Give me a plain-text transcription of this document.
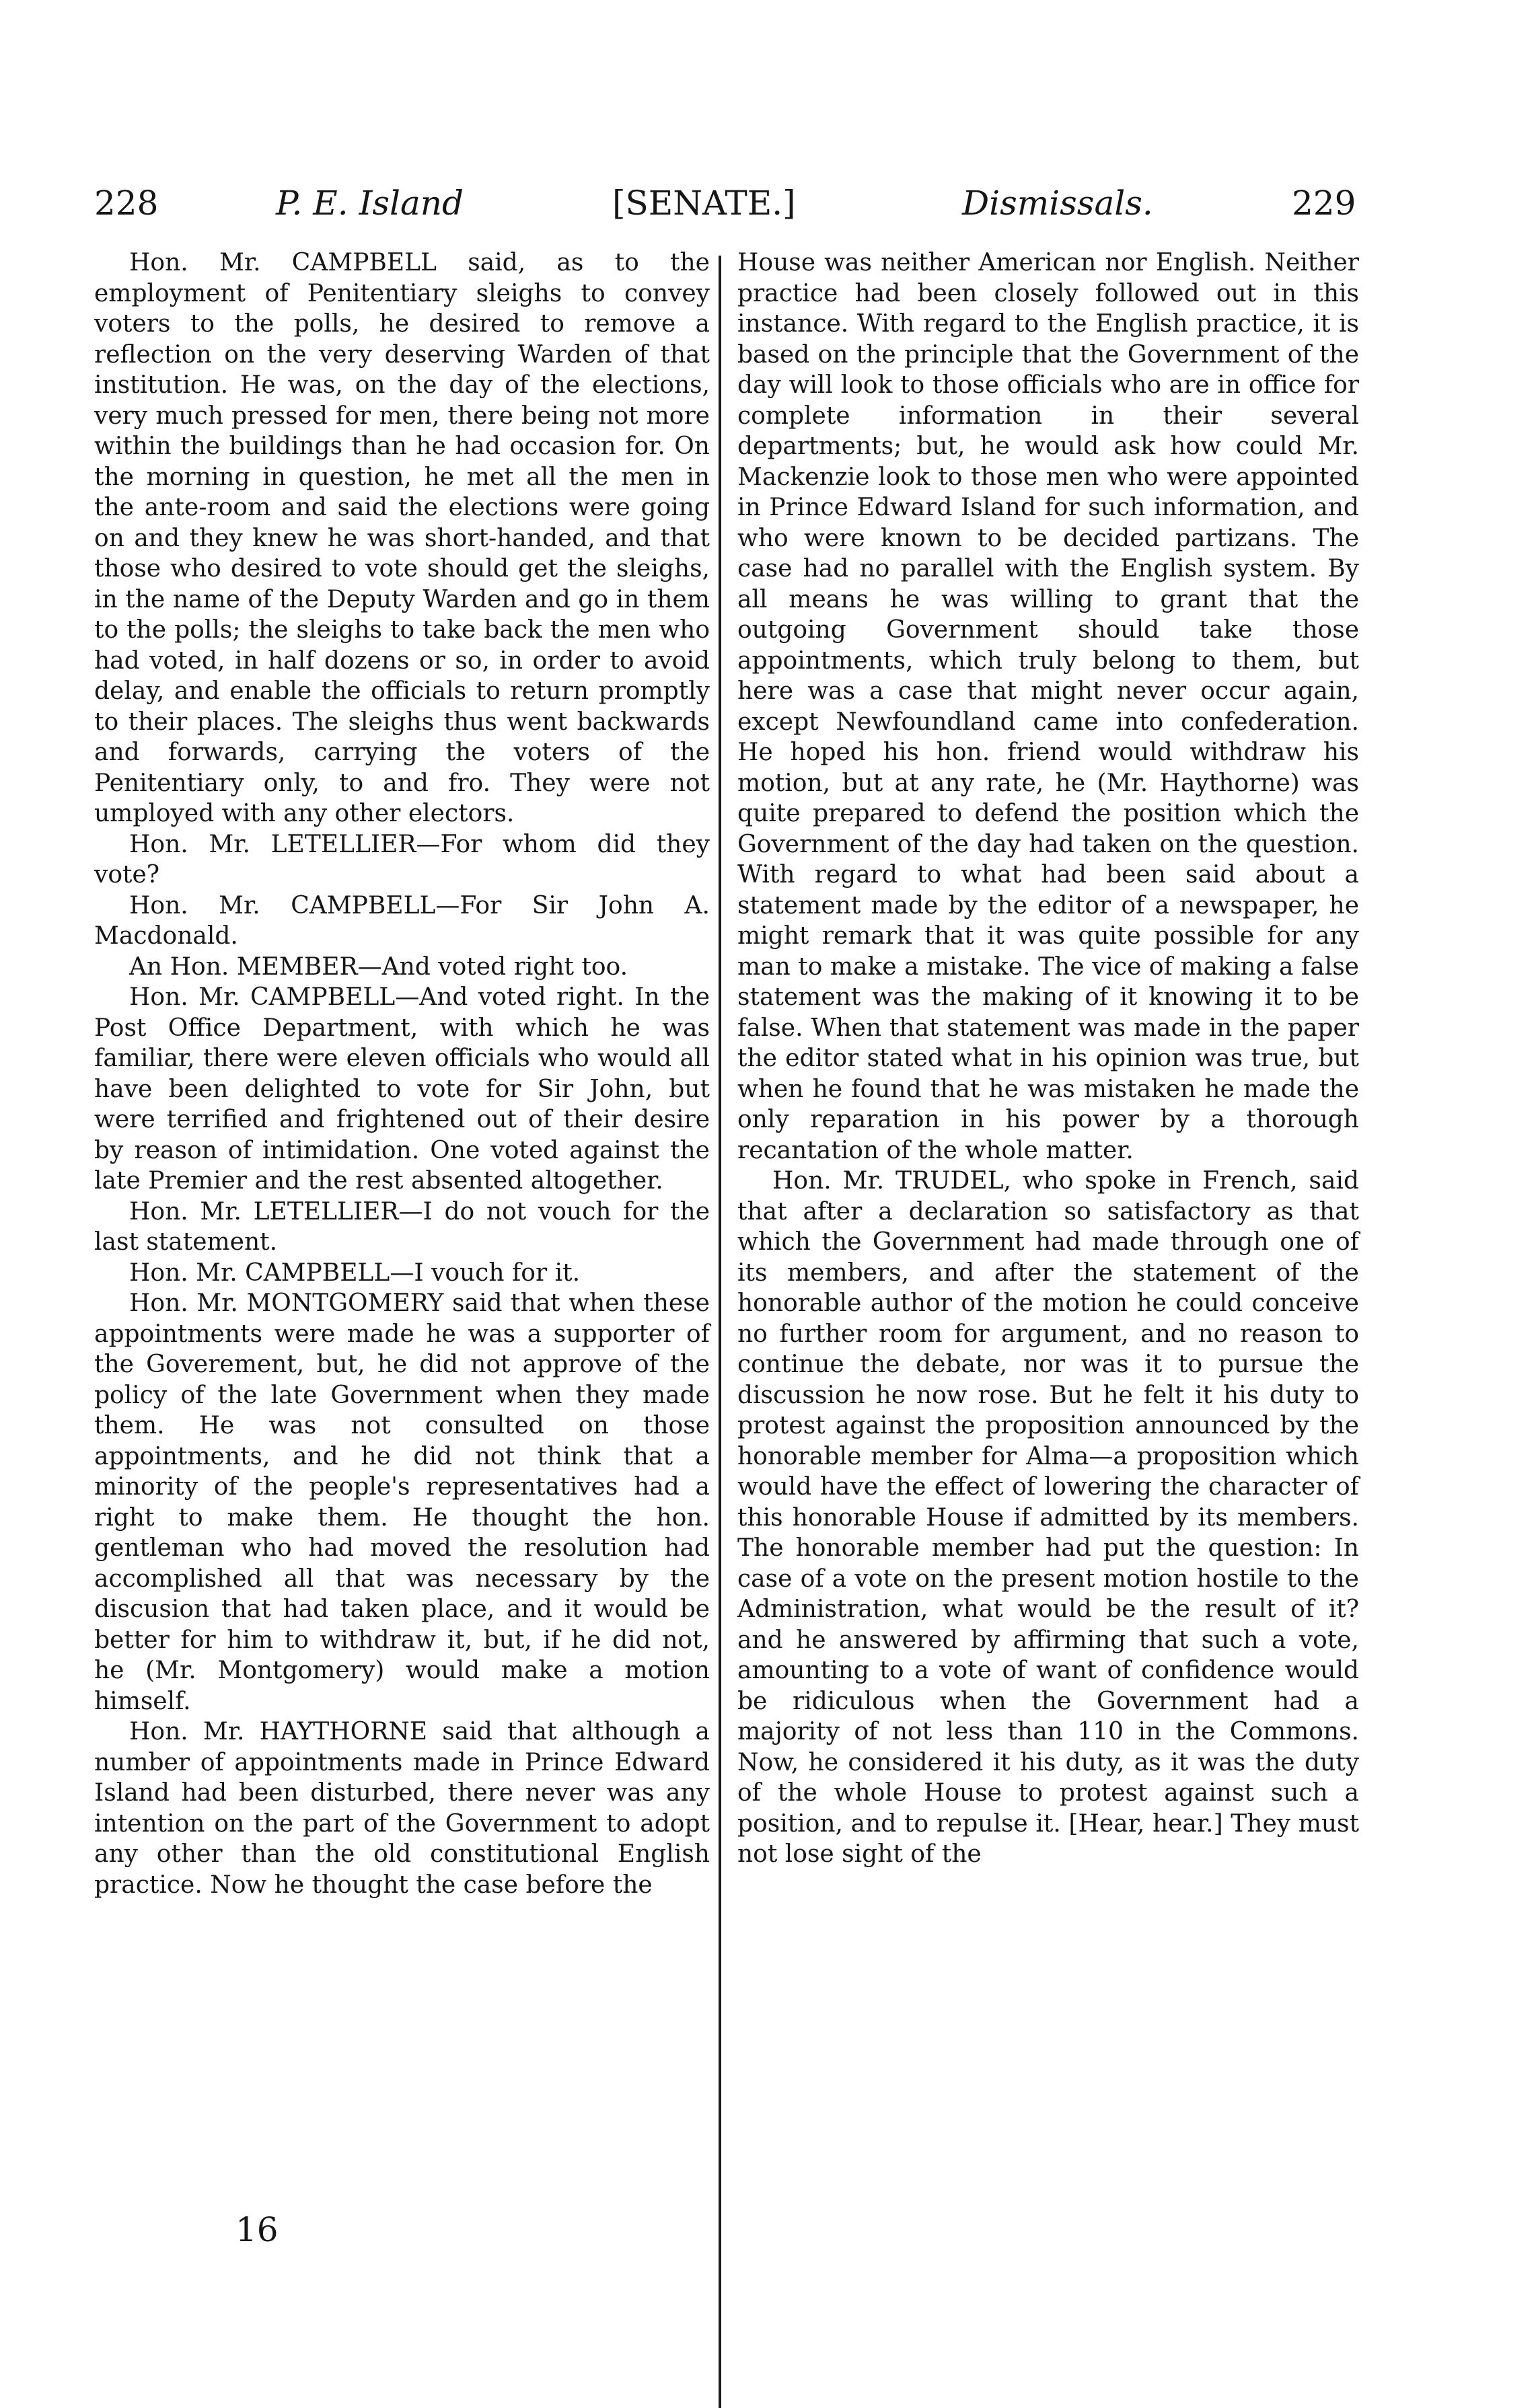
228	P. E. Island	[SENATE.]	Dismissals.	229

Hon. Mr. CAMPBELL said, as to the employment of Penitentiary sleighs to convey voters to the polls, he desired to remove a reflection on the very deserving Warden of that institution. He was, on the day of the elections, very much pressed for men, there being not more within the buildings than he had occasion for. On the morning in question, he met all the men in the ante-room and said the elections were going on and they knew he was short-handed, and that those who desired to vote should get the sleighs, in the name of the Deputy Warden and go in them to the polls; the sleighs to take back the men who had voted, in half dozens or so, in order to avoid delay, and enable the officials to return promptly to their places. The sleighs thus went backwards and forwards, carrying the voters of the Penitentiary only, to and fro. They were not umployed with any other electors.

Hon. Mr. LETELLIER—For whom did they vote?

Hon. Mr. CAMPBELL—For Sir John A. Macdonald.

An Hon. MEMBER—And voted right too.

Hon. Mr. CAMPBELL—And voted right. In the Post Office Department, with which he was familiar, there were eleven officials who would all have been delighted to vote for Sir John, but were terrified and frightened out of their desire by reason of intimidation. One voted against the late Premier and the rest absented altogether.

Hon. Mr. LETELLIER—I do not vouch for the last statement.

Hon. Mr. CAMPBELL—I vouch for it.

Hon. Mr. MONTGOMERY said that when these appointments were made he was a supporter of the Goverement, but, he did not approve of the policy of the late Government when they made them. He was not consulted on those appointments, and he did not think that a minority of the people's representatives had a right to make them. He thought the hon. gentleman who had moved the resolution had accomplished all that was necessary by the discusion that had taken place, and it would be better for him to withdraw it, but, if he did not, he (Mr. Montgomery) would make a motion himself.

Hon. Mr. HAYTHORNE said that although a number of appointments made in Prince Edward Island had been disturbed, there never was any intention on the part of the Government to adopt any other than the old constitutional English practice. Now he thought the case before the

House was neither American nor English. Neither practice had been closely followed out in this instance. With regard to the English practice, it is based on the principle that the Government of the day will look to those officials who are in office for complete information in their several departments; but, he would ask how could Mr. Mackenzie look to those men who were appointed in Prince Edward Island for such information, and who were known to be decided partizans. The case had no parallel with the English system. By all means he was willing to grant that the outgoing Government should take those appointments, which truly belong to them, but here was a case that might never occur again, except Newfoundland came into confederation. He hoped his hon. friend would withdraw his motion, but at any rate, he (Mr. Haythorne) was quite prepared to defend the position which the Government of the day had taken on the question. With regard to what had been said about a statement made by the editor of a newspaper, he might remark that it was quite possible for any man to make a mistake. The vice of making a false statement was the making of it knowing it to be false. When that statement was made in the paper the editor stated what in his opinion was true, but when he found that he was mistaken he made the only reparation in his power by a thorough recantation of the whole matter.

Hon. Mr. TRUDEL, who spoke in French, said that after a declaration so satisfactory as that which the Government had made through one of its members, and after the statement of the honorable author of the motion he could conceive no further room for argument, and no reason to continue the debate, nor was it to pursue the discussion he now rose. But he felt it his duty to protest against the proposition announced by the honorable member for Alma—a proposition which would have the effect of lowering the character of this honorable House if admitted by its members. The honorable member had put the question: In case of a vote on the present motion hostile to the Administration, what would be the result of it? and he answered by affirming that such a vote, amounting to a vote of want of confidence would be ridiculous when the Government had a majority of not less than 110 in the Commons. Now, he considered it his duty, as it was the duty of the whole House to protest against such a position, and to repulse it. [Hear, hear.] They must not lose sight of the

16
